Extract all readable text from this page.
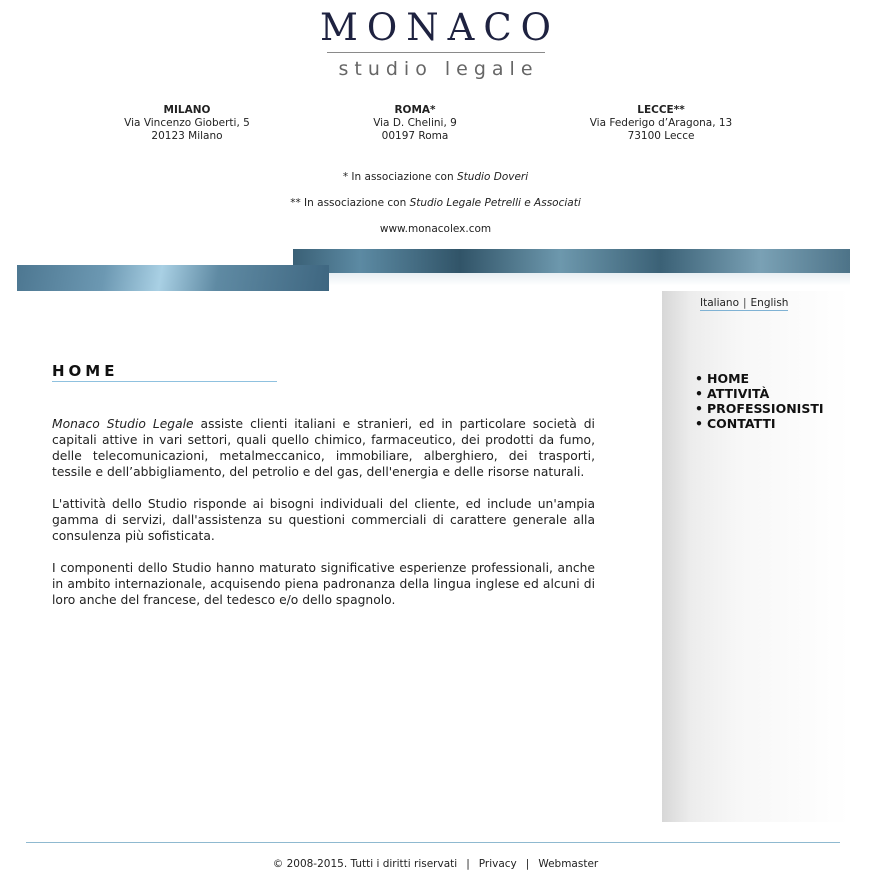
MONACO
studio legale
MILANO
Via Vincenzo Gioberti, 5
20123 Milano
ROMA*
Via D. Chelini, 9
00197 Roma
LECCE**
Via Federigo d’Aragona, 13
73100 Lecce
* In associazione con Studio Doveri
** In associazione con Studio Legale Petrelli e Associati
www.monacolex.com
Italiano | English
• HOME
• ATTIVITÀ
• PROFESSIONISTI
• CONTATTI
HOME

Monaco Studio Legale assiste clienti italiani e stranieri, ed in particolare società di capitali attive in vari settori, quali quello chimico, farmaceutico, dei prodotti da fumo, delle telecomunicazioni, metalmeccanico, immobiliare, alberghiero, dei trasporti, tessile e dell’abbigliamento, del petrolio e del gas, dell'energia e delle risorse naturali.

L'attività dello Studio risponde ai bisogni individuali del cliente, ed include un'ampia gamma di servizi, dall'assistenza su questioni commerciali di carattere generale alla consulenza più sofisticata.

I componenti dello Studio hanno maturato significative esperienze professionali, anche in ambito internazionale, acquisendo piena padronanza della lingua inglese ed alcuni di loro anche del francese, del tedesco e/o dello spagnolo.

© 2008-2015. Tutti i diritti riservati | Privacy | Webmaster
